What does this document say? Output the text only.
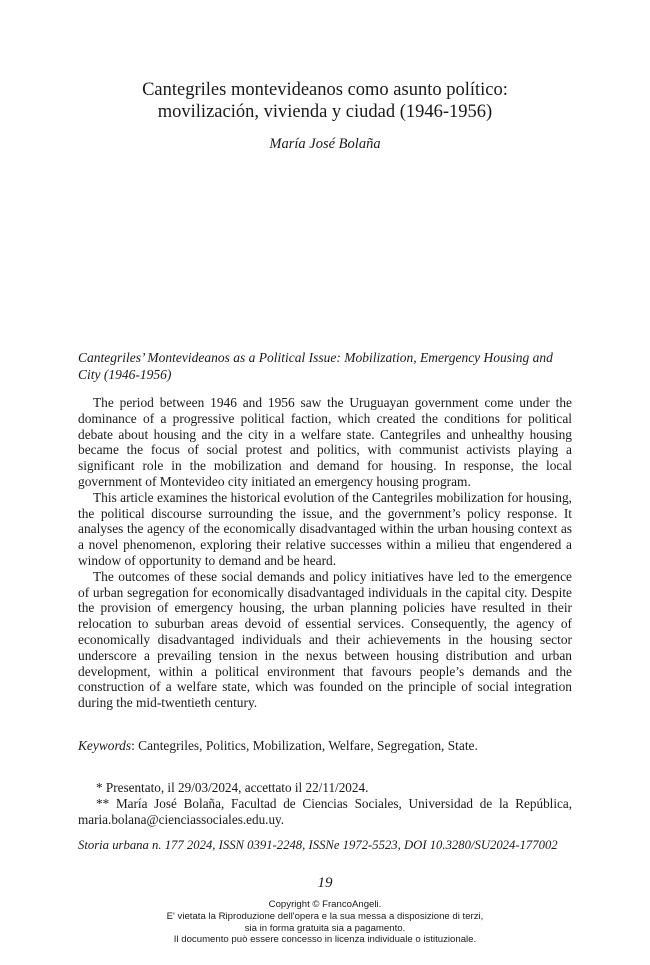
Cantegriles montevideanos como asunto político:
movilización, vivienda y ciudad (1946-1956)
María José Bolaña
Cantegriles’ Montevideanos as a Political Issue: Mobilization, Emergency Housing and City (1946-1956)

The period between 1946 and 1956 saw the Uruguayan government come under the dominance of a progressive political faction, which created the conditions for political debate about housing and the city in a welfare state. Cantegriles and unhealthy housing became the focus of social protest and politics, with communist activists playing a significant role in the mobilization and demand for housing. In response, the local government of Montevideo city initiated an emergency housing program.

This article examines the historical evolution of the Cantegriles mobilization for housing, the political discourse surrounding the issue, and the government’s policy response. It analyses the agency of the economically disadvantaged within the urban housing context as a novel phenomenon, exploring their relative successes within a milieu that engendered a window of opportunity to demand and be heard.

The outcomes of these social demands and policy initiatives have led to the emergence of urban segregation for economically disadvantaged individuals in the capital city. Despite the provision of emergency housing, the urban planning policies have resulted in their relocation to suburban areas devoid of essential services. Consequently, the agency of economically disadvantaged individuals and their achievements in the housing sector underscore a prevailing tension in the nexus between housing distribution and urban development, within a political environment that favours people’s demands and the construction of a welfare state, which was founded on the principle of social integration during the mid-twentieth century.

Keywords: Cantegriles, Politics, Mobilization, Welfare, Segregation, State.

* Presentato, il 29/03/2024, accettato il 22/11/2024.

** María José Bolaña, Facultad de Ciencias Sociales, Universidad de la República, maria.bolana@cienciassociales.edu.uy.

Storia urbana n. 177 2024, ISSN 0391-2248, ISSNe 1972-5523, DOI 10.3280/SU2024-177002
19
Copyright © FrancoAngeli.
E' vietata la Riproduzione dell'opera e la sua messa a disposizione di terzi,
sia in forma gratuita sia a pagamento.
Il documento può essere concesso in licenza individuale o istituzionale.
